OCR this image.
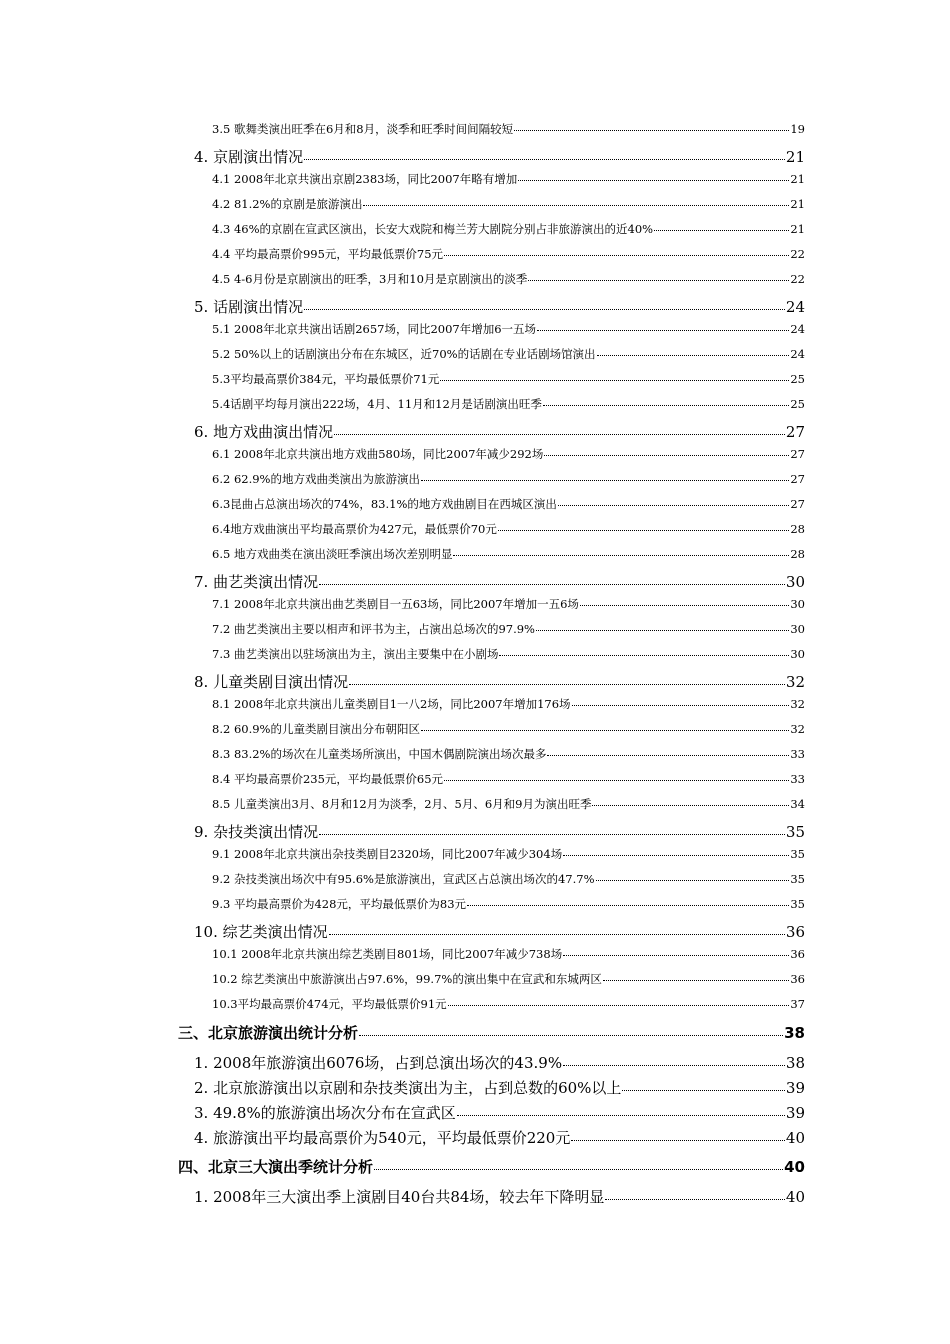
3.5 歌舞类演出旺季在6月和8月，淡季和旺季时间间隔较短	19
4. 京剧演出情况	21
4.1 2008年北京共演出京剧2383场，同比2007年略有增加	21
4.2 81.2%的京剧是旅游演出	21
4.3 46%的京剧在宣武区演出，长安大戏院和梅兰芳大剧院分别占非旅游演出的近40%	21
4.4 平均最高票价995元，平均最低票价75元	22
4.5 4-6月份是京剧演出的旺季，3月和10月是京剧演出的淡季	22
5. 话剧演出情况	24
5.1 2008年北京共演出话剧2657场，同比2007年增加6一五场	24
5.2 50%以上的话剧演出分布在东城区，近70%的话剧在专业话剧场馆演出	24
5.3平均最高票价384元，平均最低票价71元	25
5.4话剧平均每月演出222场，4月、11月和12月是话剧演出旺季	25
6. 地方戏曲演出情况	27
6.1 2008年北京共演出地方戏曲580场，同比2007年减少292场	27
6.2 62.9%的地方戏曲类演出为旅游演出	27
6.3昆曲占总演出场次的74%，83.1%的地方戏曲剧目在西城区演出	27
6.4地方戏曲演出平均最高票价为427元，最低票价70元	28
6.5 地方戏曲类在演出淡旺季演出场次差别明显	28
7. 曲艺类演出情况	30
7.1 2008年北京共演出曲艺类剧目一五63场，同比2007年增加一五6场	30
7.2 曲艺类演出主要以相声和评书为主，占演出总场次的97.9%	30
7.3 曲艺类演出以驻场演出为主，演出主要集中在小剧场	30
8. 儿童类剧目演出情况	32
8.1 2008年北京共演出儿童类剧目1一八2场，同比2007年增加176场	32
8.2 60.9%的儿童类剧目演出分布朝阳区	32
8.3 83.2%的场次在儿童类场所演出，中国木偶剧院演出场次最多	33
8.4 平均最高票价235元，平均最低票价65元	33
8.5 儿童类演出3月、8月和12月为淡季，2月、5月、6月和9月为演出旺季	34
9. 杂技类演出情况	35
9.1 2008年北京共演出杂技类剧目2320场，同比2007年减少304场	35
9.2 杂技类演出场次中有95.6%是旅游演出，宣武区占总演出场次的47.7%	35
9.3 平均最高票价为428元，平均最低票价为83元	35
10. 综艺类演出情况	36
10.1 2008年北京共演出综艺类剧目801场，同比2007年减少738场	36
10.2 综艺类演出中旅游演出占97.6%，99.7%的演出集中在宣武和东城两区	36
10.3平均最高票价474元，平均最低票价91元	37
三、北京旅游演出统计分析	38
1. 2008年旅游演出6076场，占到总演出场次的43.9%	38
2. 北京旅游演出以京剧和杂技类演出为主，占到总数的60%以上	39
3. 49.8%的旅游演出场次分布在宣武区	39
4. 旅游演出平均最高票价为540元，平均最低票价220元	40
四、北京三大演出季统计分析	40
1. 2008年三大演出季上演剧目40台共84场，较去年下降明显	40
